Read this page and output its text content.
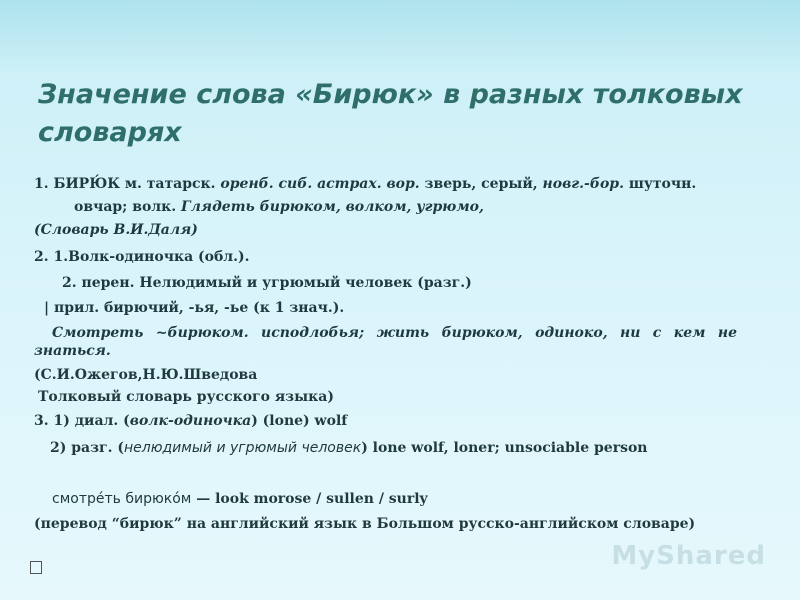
Значение слова «Бирюк» в разных толковых словарях
1. БИРЮ́К м. татарск. оренб. сиб. астрах. вор. зверь, серый, новг.-бор. шуточн.
овчар; волк. Глядеть бирюком, волком, угрюмо,
(Словарь В.И.Даля)
2. 1.Волк-одиночка (обл.).
2. перен. Нелюдимый и угрюмый человек (разг.)
| прил. бирючий, -ья, -ье (к 1 знач.).
Смотреть ~бирюком. исподлобья; жить бирюком, одиноко, ни с кем не
знаться.
(С.И.Ожегов,Н.Ю.Шведова
Толковый словарь русского языка)
3. 1) диал. (волк-одиночка) (lone) wolf
2) разг. (нелюдимый и угрюмый человек) lone wolf, loner; unsociable person
смотре́ть бирюко́м — look morose / sullen / surly
(перевод “бирюк” на английский язык в Большом русско-английском словаре)
MyShared
